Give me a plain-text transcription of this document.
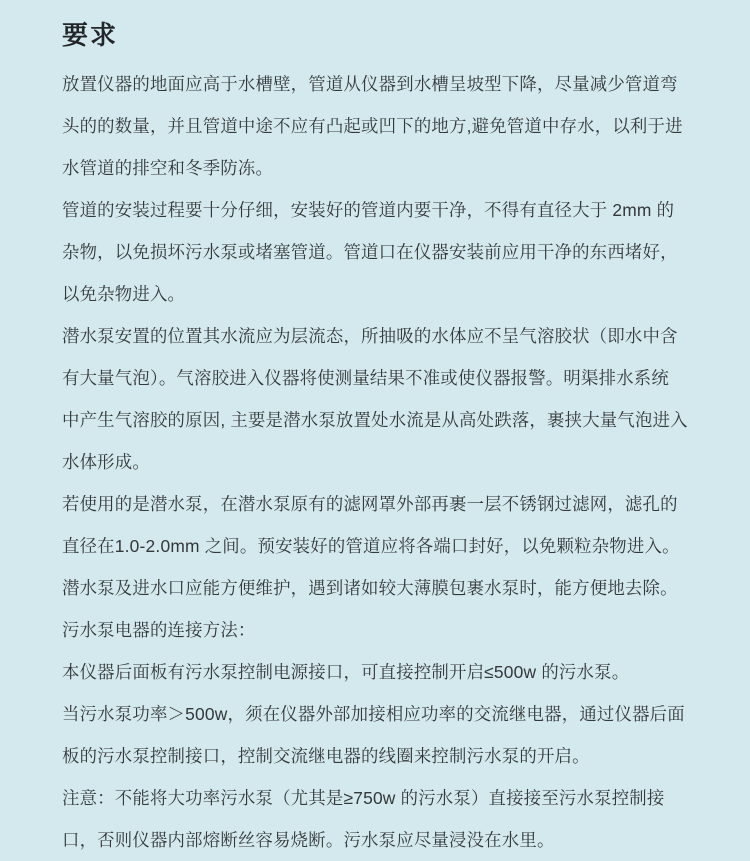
要求

放置仪器的地面应高于水槽壁，管道从仪器到水槽呈坡型下降，尽量减少管道弯
头的的数量，并且管道中途不应有凸起或凹下的地方,避免管道中存水，以利于进
水管道的排空和冬季防冻。

管道的安装过程要十分仔细，安装好的管道内要干净，不得有直径大于 2mm 的
杂物，以免损坏污水泵或堵塞管道。管道口在仪器安装前应用干净的东西堵好，
以免杂物进入。

潜水泵安置的位置其水流应为层流态，所抽吸的水体应不呈气溶胶状（即水中含
有大量气泡）。气溶胶进入仪器将使测量结果不准或使仪器报警。明渠排水系统
中产生气溶胶的原因, 主要是潜水泵放置处水流是从高处跌落，裹挟大量气泡进入
水体形成。

若使用的是潜水泵，在潜水泵原有的滤网罩外部再裹一层不锈钢过滤网，滤孔的
直径在1.0-2.0mm 之间。预安装好的管道应将各端口封好，以免颗粒杂物进入。

潜水泵及进水口应能方便维护，遇到诸如较大薄膜包裹水泵时，能方便地去除。

污水泵电器的连接方法：

本仪器后面板有污水泵控制电源接口，可直接控制开启≤500w 的污水泵。

当污水泵功率＞500w，须在仪器外部加接相应功率的交流继电器，通过仪器后面
板的污水泵控制接口，控制交流继电器的线圈来控制污水泵的开启。

注意：不能将大功率污水泵（尤其是≥750w 的污水泵）直接接至污水泵控制接
口，否则仪器内部熔断丝容易烧断。污水泵应尽量浸没在水里。
